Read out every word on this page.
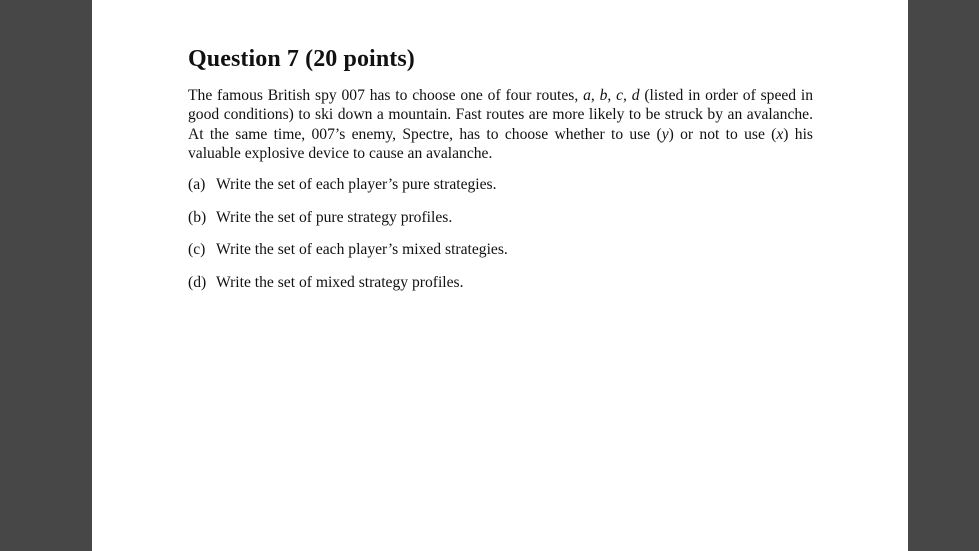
Question 7 (20 points)

The famous British spy 007 has to choose one of four routes, a, b, c, d (listed in order of speed in good conditions) to ski down a mountain. Fast routes are more likely to be struck by an avalanche. At the same time, 007’s enemy, Spectre, has to choose whether to use (y) or not to use (x) his valuable explosive device to cause an avalanche.

(a) Write the set of each player’s pure strategies.
(b) Write the set of pure strategy profiles.
(c) Write the set of each player’s mixed strategies.
(d) Write the set of mixed strategy profiles.
